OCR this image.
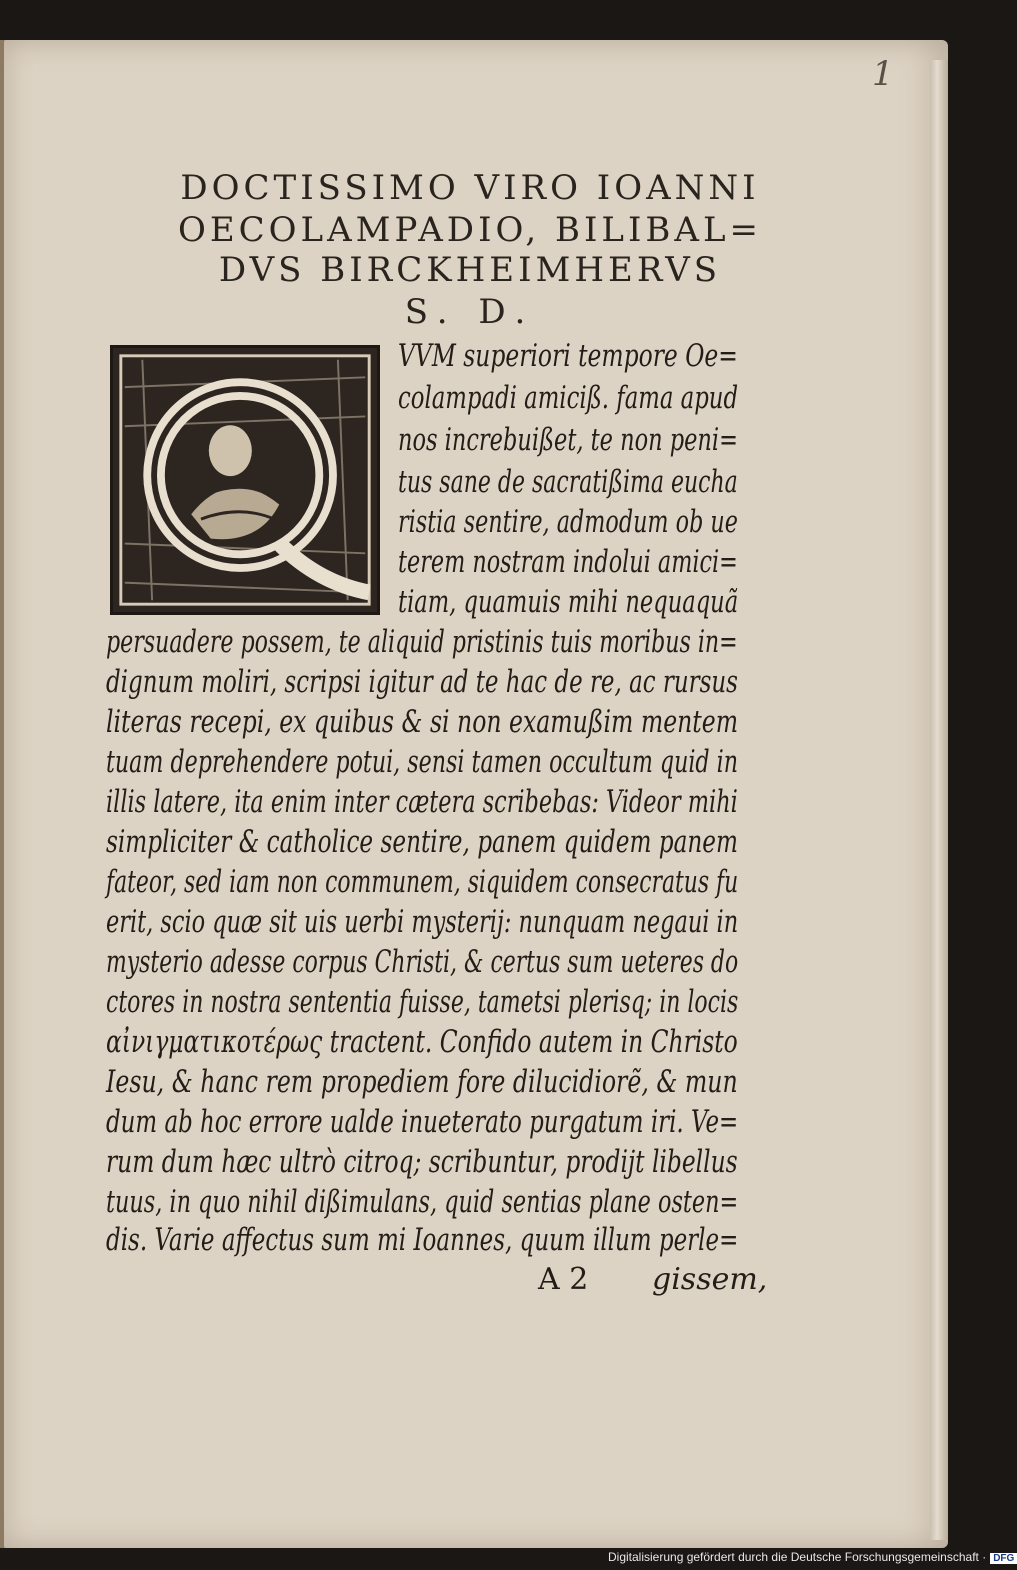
1
DOCTISSIMO VIRO IOANNI
OECOLAMPADIO, BILIBAL=
DVS BIRCKHEIMHERVS
S. D.
VVM superiori tempore Oe=
colampadi amiciß. fama apud
nos increbuißet, te non peni=
tus sane de sacratißima eucha
ristia sentire, admodum ob ue
terem nostram indolui amici=
tiam, quamuis mihi nequaquã
persuadere possem, te aliquid pristinis tuis moribus in=
dignum moliri, scripsi igitur ad te hac de re, ac rursus
literas recepi, ex quibus & si non examußim mentem
tuam deprehendere potui, sensi tamen occultum quid in
illis latere, ita enim inter cætera scribebas: Videor mihi
simpliciter & catholice sentire, panem quidem panem
fateor, sed iam non communem, siquidem consecratus fu
erit, scio quæ sit uis uerbi mysterij: nunquam negaui in
mysterio adesse corpus Christi, & certus sum ueteres do
ctores in nostra sententia fuisse, tametsi plerisq; in locis
αἰνιγματικοτέρως tractent. Confido autem in Christo
Iesu, & hanc rem propediem fore dilucidiorẽ, & mun
dum ab hoc errore ualde inueterato purgatum iri. Ve=
rum dum hæc ultrò citroq; scribuntur, prodijt libellus
tuus, in quo nihil dißimulans, quid sentias plane osten=
dis. Varie affectus sum mi Ioannes, quum illum perle=
A 2 gissem,
Digitalisierung gefördert durch die Deutsche Forschungsgemeinschaft · DFG
